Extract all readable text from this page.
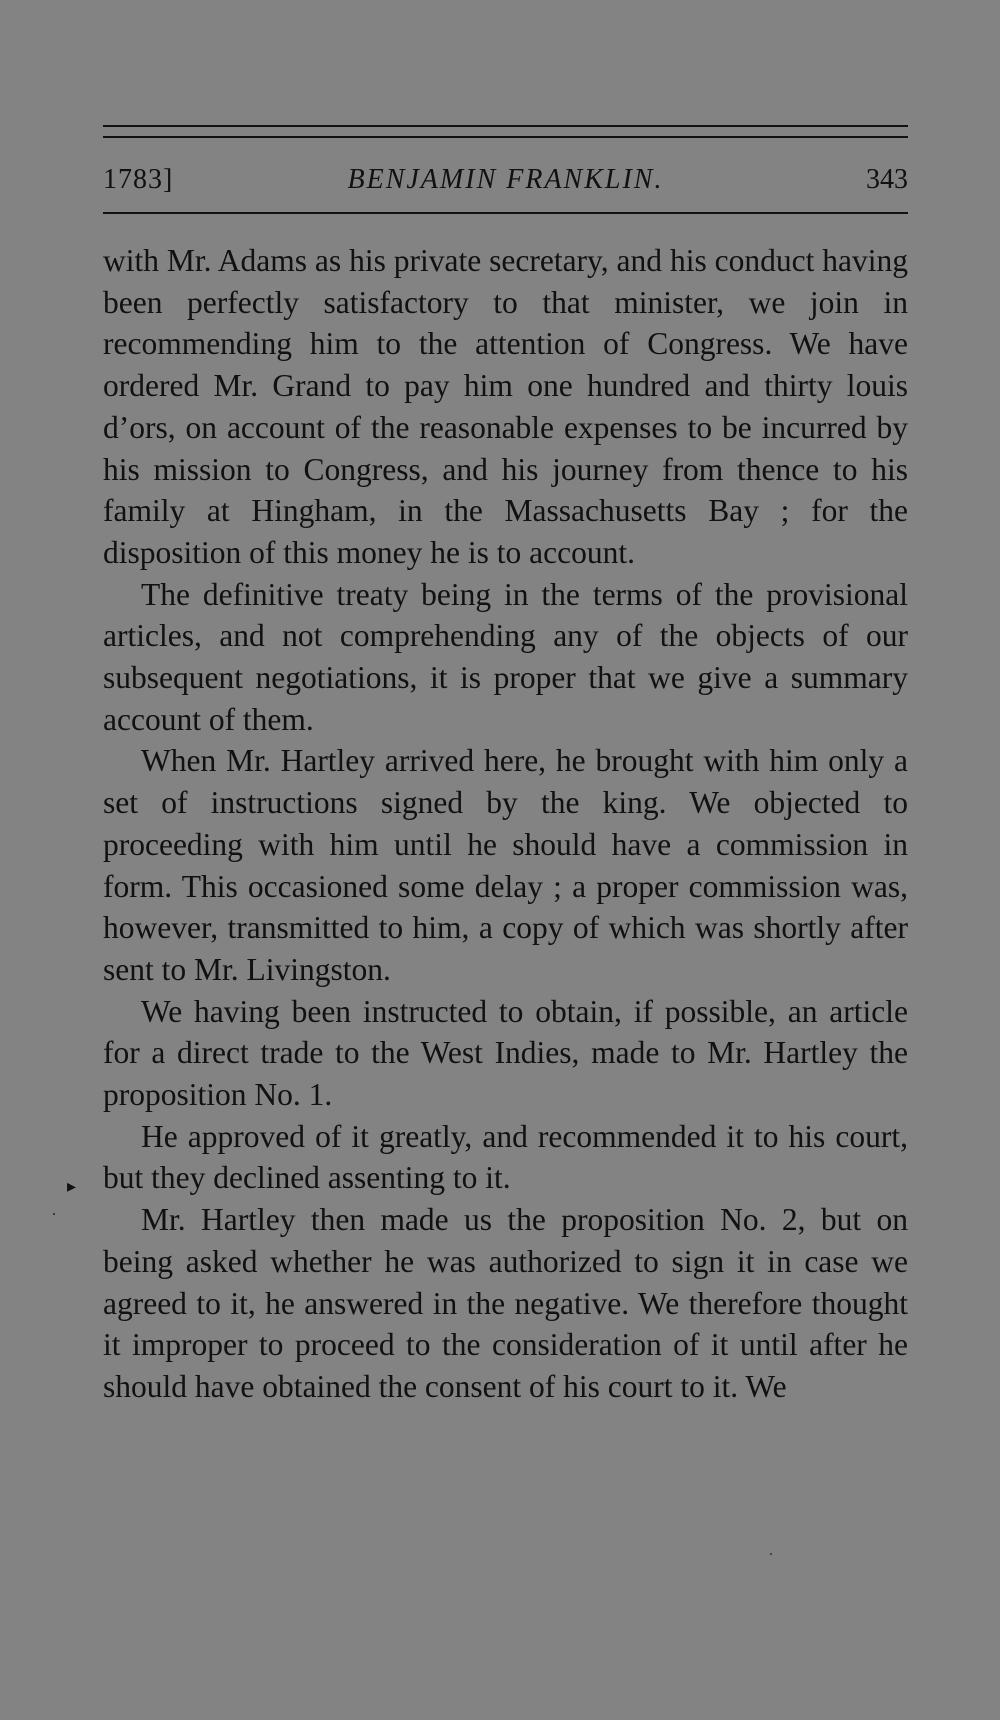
1783]	BENJAMIN FRANKLIN.	343

with Mr. Adams as his private secretary, and his conduct having been perfectly satisfactory to that minister, we join in recommending him to the attention of Congress. We have ordered Mr. Grand to pay him one hundred and thirty louis d’ors, on account of the reasonable expenses to be incurred by his mission to Congress, and his journey from thence to his family at Hingham, in the Massachusetts Bay ; for the disposition of this money he is to account.

The definitive treaty being in the terms of the provisional articles, and not comprehending any of the objects of our subsequent negotiations, it is proper that we give a summary account of them.

When Mr. Hartley arrived here, he brought with him only a set of instructions signed by the king. We objected to proceeding with him until he should have a commission in form. This occasioned some delay ; a proper commission was, however, transmitted to him, a copy of which was shortly after sent to Mr. Livingston.

We having been instructed to obtain, if possible, an article for a direct trade to the West Indies, made to Mr. Hartley the proposition No. 1.

He approved of it greatly, and recommended it to his court, but they declined assenting to it.

Mr. Hartley then made us the proposition No. 2, but on being asked whether he was authorized to sign it in case we agreed to it, he answered in the negative. We therefore thought it improper to proceed to the consideration of it until after he should have obtained the consent of his court to it. We

▸
